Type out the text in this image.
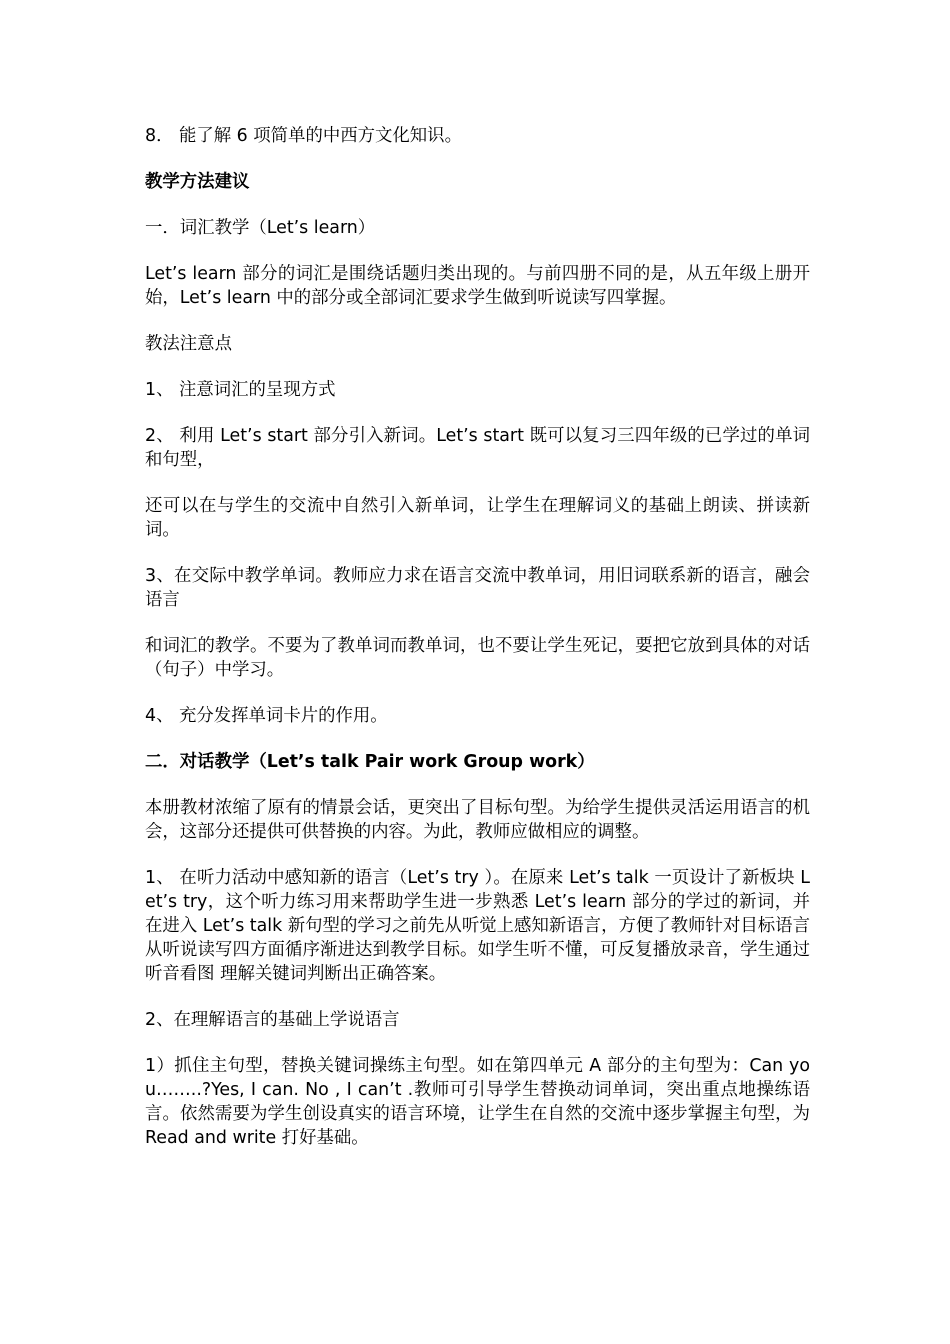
8． 能了解 6 项简单的中西方文化知识。

教学方法建议

一．词汇教学（Let’s learn）

Let’s learn 部分的词汇是围绕话题归类出现的。与前四册不同的是，从五年级上册开始，Let’s learn 中的部分或全部词汇要求学生做到听说读写四掌握。

教法注意点

1、 注意词汇的呈现方式

2、 利用 Let’s start 部分引入新词。Let’s start 既可以复习三四年级的已学过的单词和句型，

还可以在与学生的交流中自然引入新单词，让学生在理解词义的基础上朗读、拼读新词。

3、在交际中教学单词。教师应力求在语言交流中教单词，用旧词联系新的语言，融会语言

和词汇的教学。不要为了教单词而教单词，也不要让学生死记，要把它放到具体的对话（句子）中学习。

4、 充分发挥单词卡片的作用。

二．对话教学（Let’s talk Pair work Group work）

本册教材浓缩了原有的情景会话，更突出了目标句型。为给学生提供灵活运用语言的机会，这部分还提供可供替换的内容。为此，教师应做相应的调整。

1、 在听力活动中感知新的语言（Let’s try ）。在原来 Let’s talk 一页设计了新板块 Let’s try，这个听力练习用来帮助学生进一步熟悉 Let’s learn 部分的学过的新词，并在进入 Let’s talk 新句型的学习之前先从听觉上感知新语言，方便了教师针对目标语言从听说读写四方面循序渐进达到教学目标。如学生听不懂，可反复播放录音，学生通过听音看图 理解关键词判断出正确答案。

2、在理解语言的基础上学说语言

1）抓住主句型，替换关键词操练主句型。如在第四单元 A 部分的主句型为：Can you……..?Yes, I can. No , I can’t .教师可引导学生替换动词单词，突出重点地操练语言。依然需要为学生创设真实的语言环境，让学生在自然的交流中逐步掌握主句型，为 Read and write 打好基础。
